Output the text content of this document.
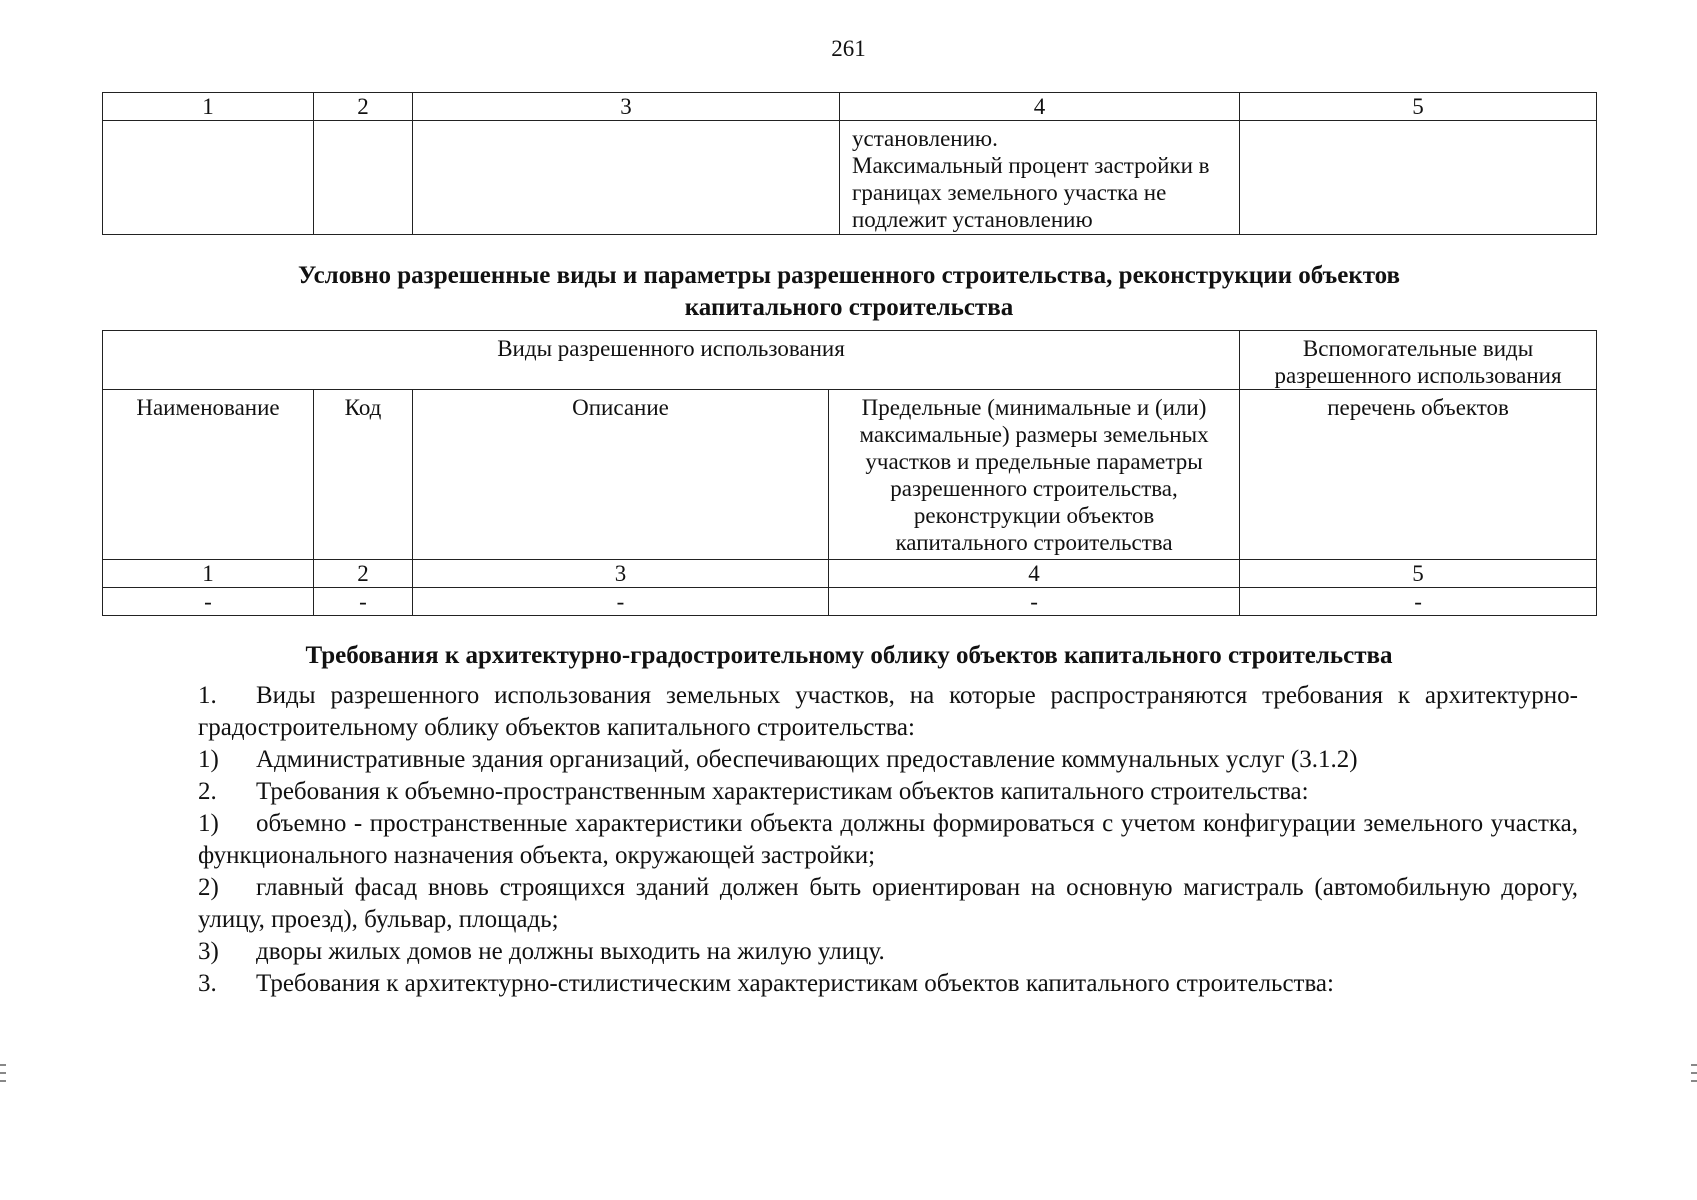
261
1	2	3	4	5

			установлению.
Максимальный процент застройки в
границах земельного участка не
подлежит установлению	

Условно разрешенные виды и параметры разрешенного строительства, реконструкции объектов
капитального строительства
Виды разрешенного использования				Вспомогательные виды разрешенного использования
Наименование	Код	Описание	Предельные (минимальные и (или) максимальные) размеры земельных участков и предельные параметры разрешенного строительства, реконструкции объектов капитального строительства	перечень объектов
1	2	3	4	5
-	-	-	-	-
Требования к архитектурно-градостроительному облику объектов капитального строительства
1. Виды разрешенного использования земельных участков, на которые распространяются требования к архитектурно-градостроительному облику объектов капитального строительства:
1) Административные здания организаций, обеспечивающих предоставление коммунальных услуг (3.1.2)
2. Требования к объемно-пространственным характеристикам объектов капитального строительства:
1) объемно - пространственные характеристики объекта должны формироваться с учетом конфигурации земельного участка, функционального назначения объекта, окружающей застройки;
2) главный фасад вновь строящихся зданий должен быть ориентирован на основную магистраль (автомобильную дорогу, улицу, проезд), бульвар, площадь;
3) дворы жилых домов не должны выходить на жилую улицу.
3. Требования к архитектурно-стилистическим характеристикам объектов капитального строительства:
